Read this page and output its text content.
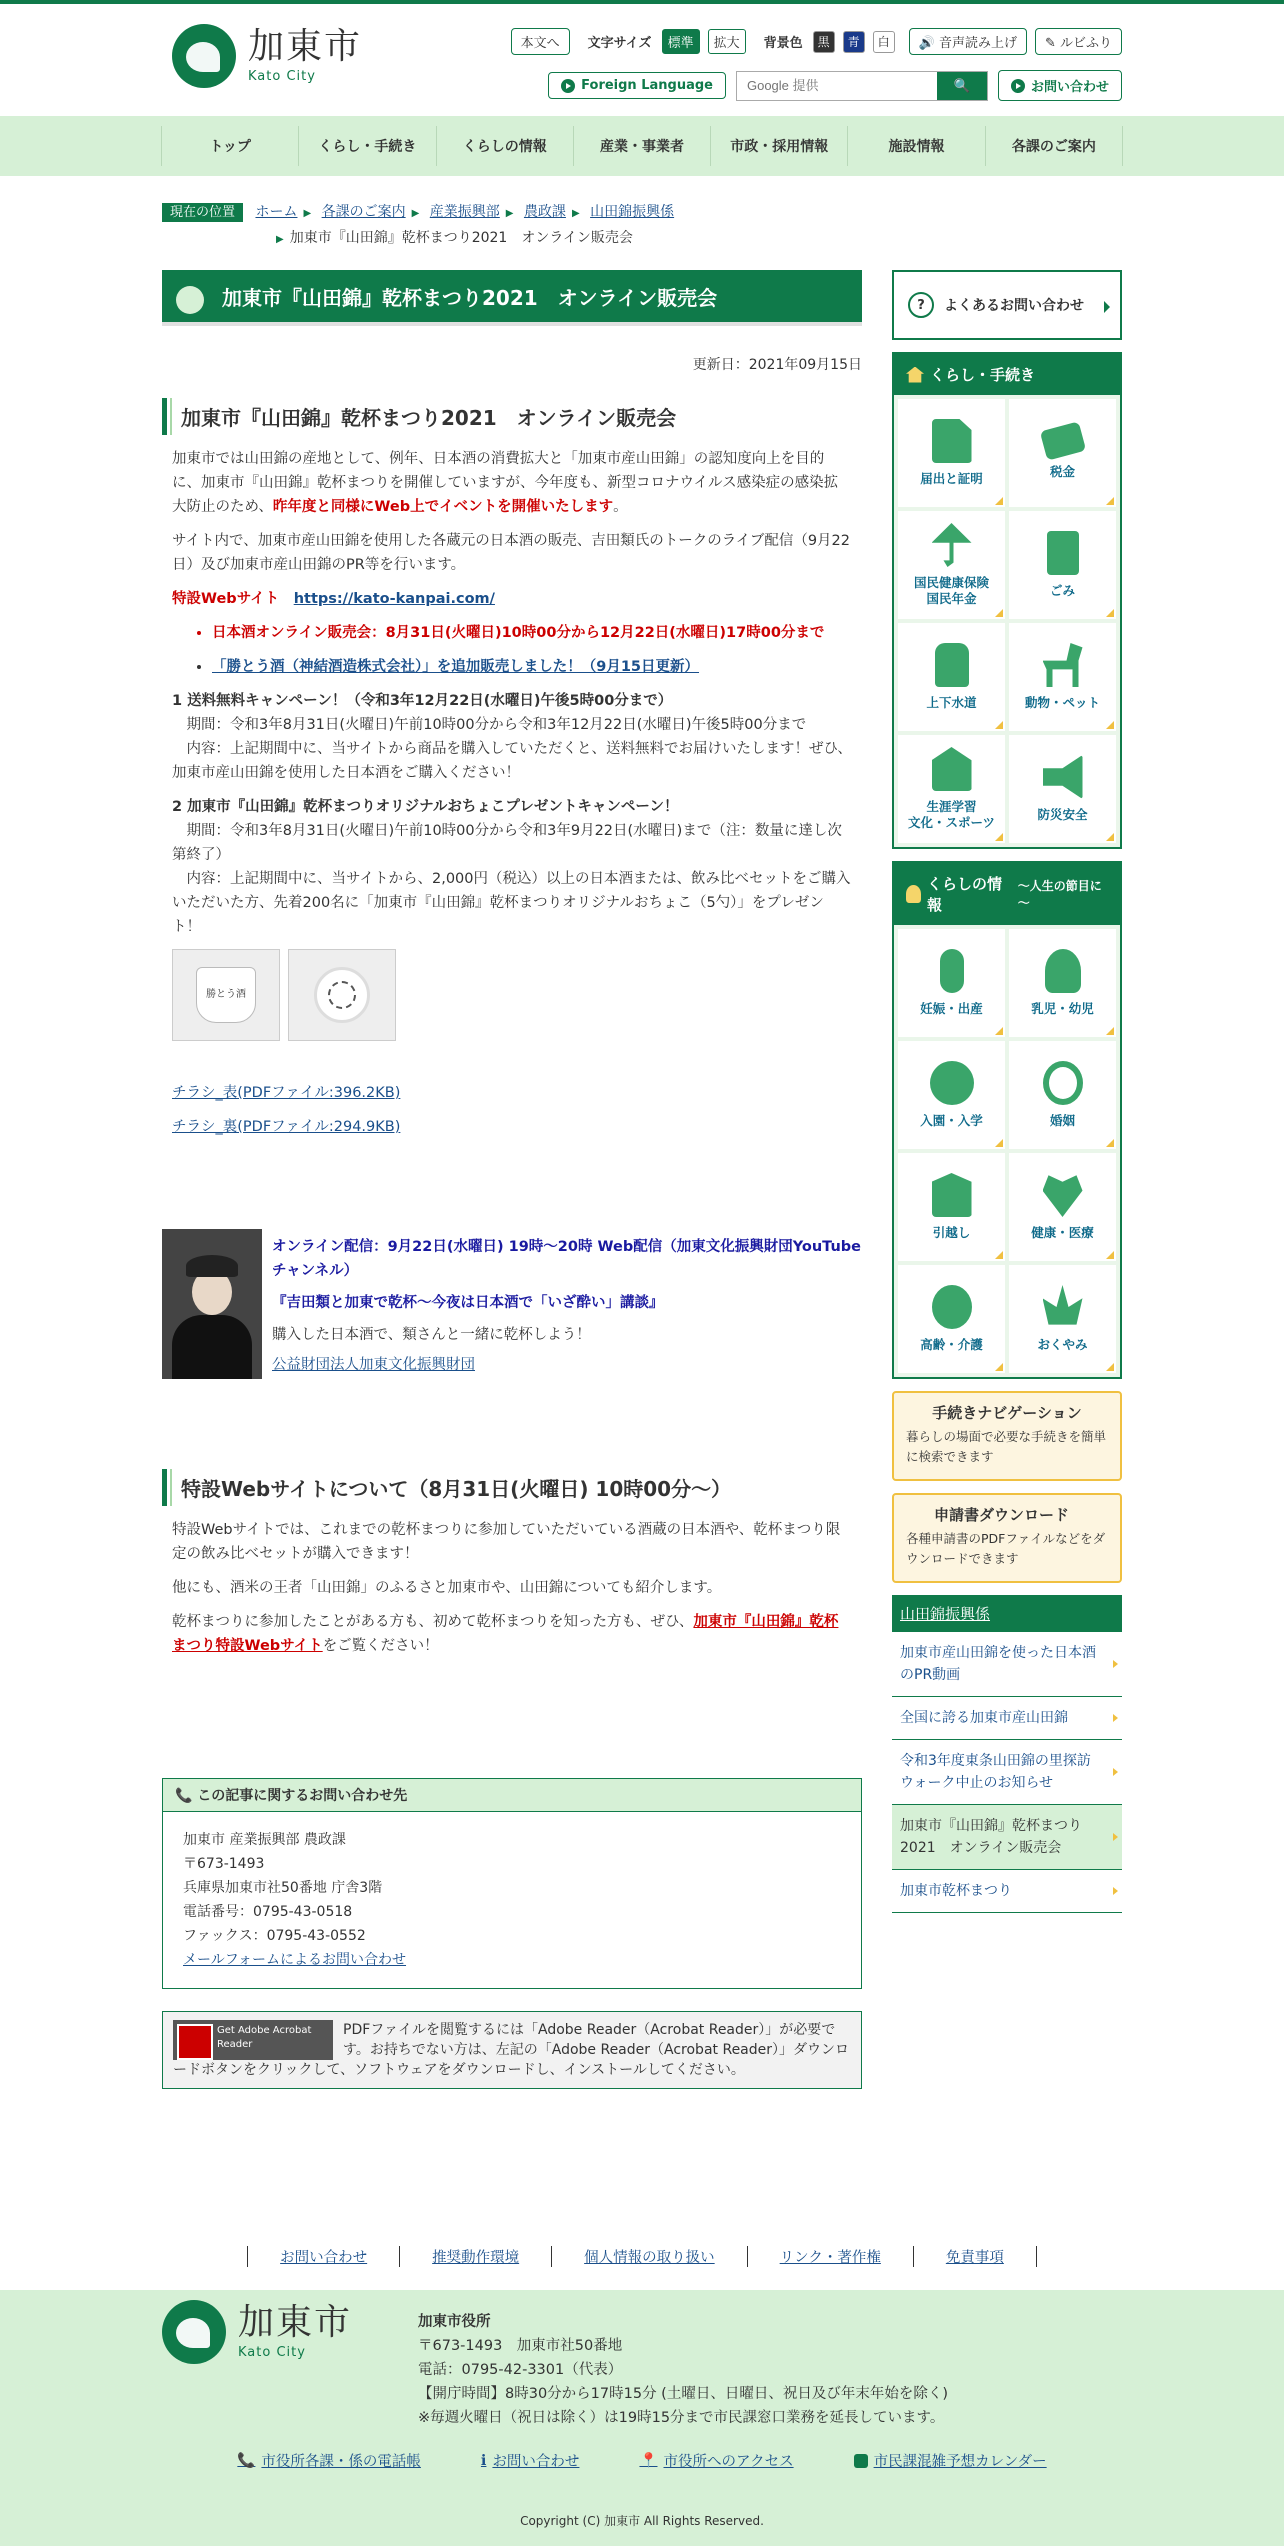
加東市
Kato City
本文へ	文字サイズ	標準	拡大	背景色	黒	青	白	🔊 音声読み上げ	✎ ルビふり
Foreign Language
Google 提供	🔍	お問い合わせ
トップ	くらし・手続き	くらしの情報	産業・事業者	市政・採用情報	施設情報	各課のご案内
現在の位置 ホーム ▶ 各課のご案内 ▶ 産業振興部 ▶ 農政課 ▶ 山田錦振興係
▶ 加東市『山田錦』乾杯まつり2021　オンライン販売会
加東市『山田錦』乾杯まつり2021　オンライン販売会
更新日：2021年09月15日
加東市『山田錦』乾杯まつり2021　オンライン販売会

加東市では山田錦の産地として、例年、日本酒の消費拡大と「加東市産山田錦」の認知度向上を目的に、加東市『山田錦』乾杯まつりを開催していますが、今年度も、新型コロナウイルス感染症の感染拡大防止のため、昨年度と同様にWeb上でイベントを開催いたします。

サイト内で、加東市産山田錦を使用した各蔵元の日本酒の販売、吉田類氏のトークのライブ配信（9月22日）及び加東市産山田錦のPR等を行います。

特設Webサイト　 https://kato-kanpai.com/

• 日本酒オンライン販売会：8月31日(火曜日)10時00分から12月22日(水曜日)17時00分まで
• 「勝とう酒（神結酒造株式会社）」を追加販売しました！（9月15日更新）

1 送料無料キャンペーン！（令和3年12月22日(水曜日)午後5時00分まで）

期間：令和3年8月31日(火曜日)午前10時00分から令和3年12月22日(水曜日)午後5時00分まで

内容：上記期間中に、当サイトから商品を購入していただくと、送料無料でお届けいたします！ぜひ、加東市産山田錦を使用した日本酒をご購入ください！

2 加東市『山田錦』乾杯まつりオリジナルおちょこプレゼントキャンペーン！

期間：令和3年8月31日(火曜日)午前10時00分から令和3年9月22日(水曜日)まで（注：数量に達し次第終了）

内容：上記期間中に、当サイトから、2,000円（税込）以上の日本酒または、飲み比べセットをご購入いただいた方、先着200名に「加東市『山田錦』乾杯まつりオリジナルおちょこ（5勺）」をプレゼント！

勝とう酒

チラシ_表(PDFファイル:396.2KB)

チラシ_裏(PDFファイル:294.9KB)

オンライン配信：9月22日(水曜日) 19時～20時 Web配信（加東文化振興財団YouTubeチャンネル）

『吉田類と加東で乾杯～今夜は日本酒で「いざ酔い」講談』

購入した日本酒で、類さんと一緒に乾杯しよう！

公益財団法人加東文化振興財団

特設Webサイトについて（8月31日(火曜日) 10時00分～）

特設Webサイトでは、これまでの乾杯まつりに参加していただいている酒蔵の日本酒や、乾杯まつり限定の飲み比べセットが購入できます！

他にも、酒米の王者「山田錦」のふるさと加東市や、山田錦についても紹介します。

乾杯まつりに参加したことがある方も、初めて乾杯まつりを知った方も、ぜひ、加東市『山田錦』乾杯まつり特設Webサイトをご覧ください！

📞 この記事に関するお問い合わせ先
加東市 産業振興部 農政課
〒673-1493
兵庫県加東市社50番地 庁舎3階
電話番号：0795-43-0518
ファックス：0795-43-0552
メールフォームによるお問い合わせ
Get Adobe Acrobat Reader
PDFファイルを閲覧するには「Adobe Reader（Acrobat Reader）」が必要です。お持ちでない方は、左記の「Adobe Reader（Acrobat Reader）」ダウンロードボタンをクリックして、ソフトウェアをダウンロードし、インストールしてください。
?	よくあるお問い合わせ
くらし・手続き
届出と証明	税金
国民健康保険
国民年金
ごみ
上下水道	動物・ペット
生涯学習
文化・スポーツ
防災安全
くらしの情報
～人生の節目に～
妊娠・出産	乳児・幼児
入園・入学	婚姻
引越し	健康・医療
高齢・介護	おくやみ
手続きナビゲーション
暮らしの場面で必要な手続きを簡単に検索できます
申請書ダウンロード
各種申請書のPDFファイルなどをダウンロードできます
山田錦振興係
加東市産山田錦を使った日本酒のPR動画
全国に誇る加東市産山田錦
令和3年度東条山田錦の里探訪ウォーク中止のお知らせ
加東市『山田錦』乾杯まつり2021　オンライン販売会
加東市乾杯まつり
お問い合わせ	推奨動作環境	個人情報の取り扱い	リンク・著作権	免責事項
加東市
Kato City
加東市役所
〒673-1493　加東市社50番地
電話：0795-42-3301（代表）
【開庁時間】8時30分から17時15分 (土曜日、日曜日、祝日及び年末年始を除く)
※毎週火曜日（祝日は除く）は19時15分まで市民課窓口業務を延長しています。
📞 市役所各課・係の電話帳	ℹ お問い合わせ	📍 市役所へのアクセス	市民課混雑予想カレンダー
Copyright (C) 加東市 All Rights Reserved.
